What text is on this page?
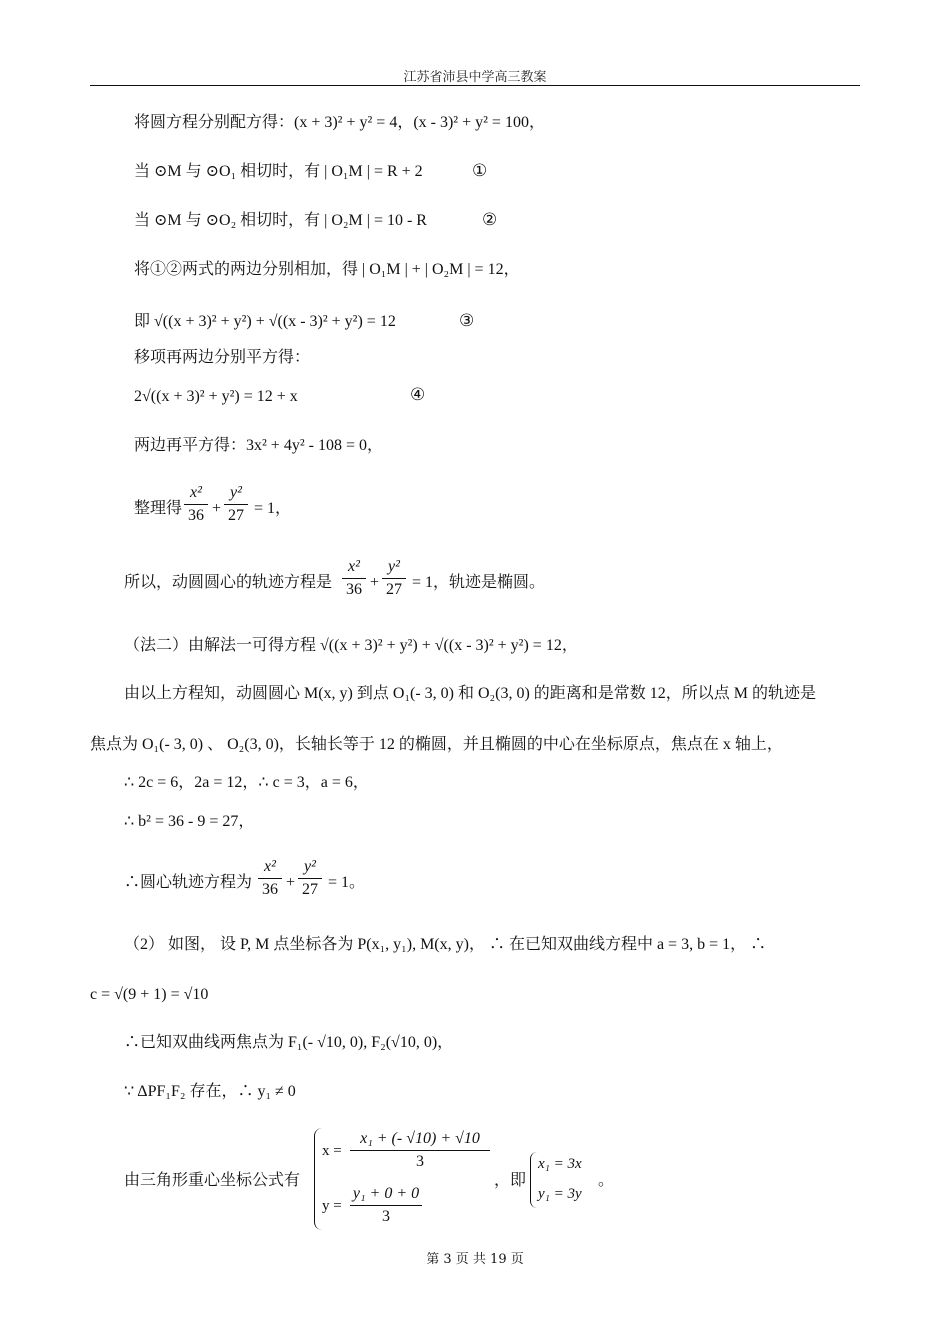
江苏省沛县中学高三教案
将圆方程分别配方得：(x + 3)² + y² = 4，(x - 3)² + y² = 100，
当 ⊙M 与 ⊙O₁ 相切时，有 | O₁M | = R + 2	①
当 ⊙M 与 ⊙O₂ 相切时，有 | O₂M | = 10 - R	②
将①②两式的两边分别相加，得 | O₁M | + | O₂M | = 12，
即 √((x + 3)² + y²) + √((x - 3)² + y²) = 12	③
移项再两边分别平方得：
2√((x + 3)² + y²) = 12 + x	④
两边再平方得：3x² + 4y² - 108 = 0，
整理得
x²
36 +
y²
27 = 1，
所以，动圆圆心的轨迹方程是
x²
36 +
y²
27 = 1，轨迹是椭圆。
（法二）由解法一可得方程 √((x + 3)² + y²) + √((x - 3)² + y²) = 12，
由以上方程知，动圆圆心 M(x, y) 到点 O₁(- 3, 0) 和 O₂(3, 0) 的距离和是常数 12，所以点 M 的轨迹是
焦点为 O₁(- 3, 0) 、 O₂(3, 0)，长轴长等于 12 的椭圆，并且椭圆的中心在坐标原点，焦点在 x 轴上，
∴ 2c = 6，2a = 12，∴ c = 3，a = 6，
∴ b² = 36 - 9 = 27，
∴圆心轨迹方程为
x²
36 +
y²
27 = 1。
（2） 如图， 设 P, M 点坐标各为 P(x₁, y₁), M(x, y)， ∴ 在已知双曲线方程中 a = 3, b = 1， ∴
c = √(9 + 1) = √10
∴已知双曲线两焦点为 F₁(- √10, 0), F₂(√10, 0)，
∵ ΔPF₁F₂ 存在，∴ y₁ ≠ 0
由三角形重心坐标公式有
x =
x₁ + (- √10) + √10
3
y =
y₁ + 0 + 0
3
，即
x₁ = 3x
y₁ = 3y
。
第 3 页 共 19 页
